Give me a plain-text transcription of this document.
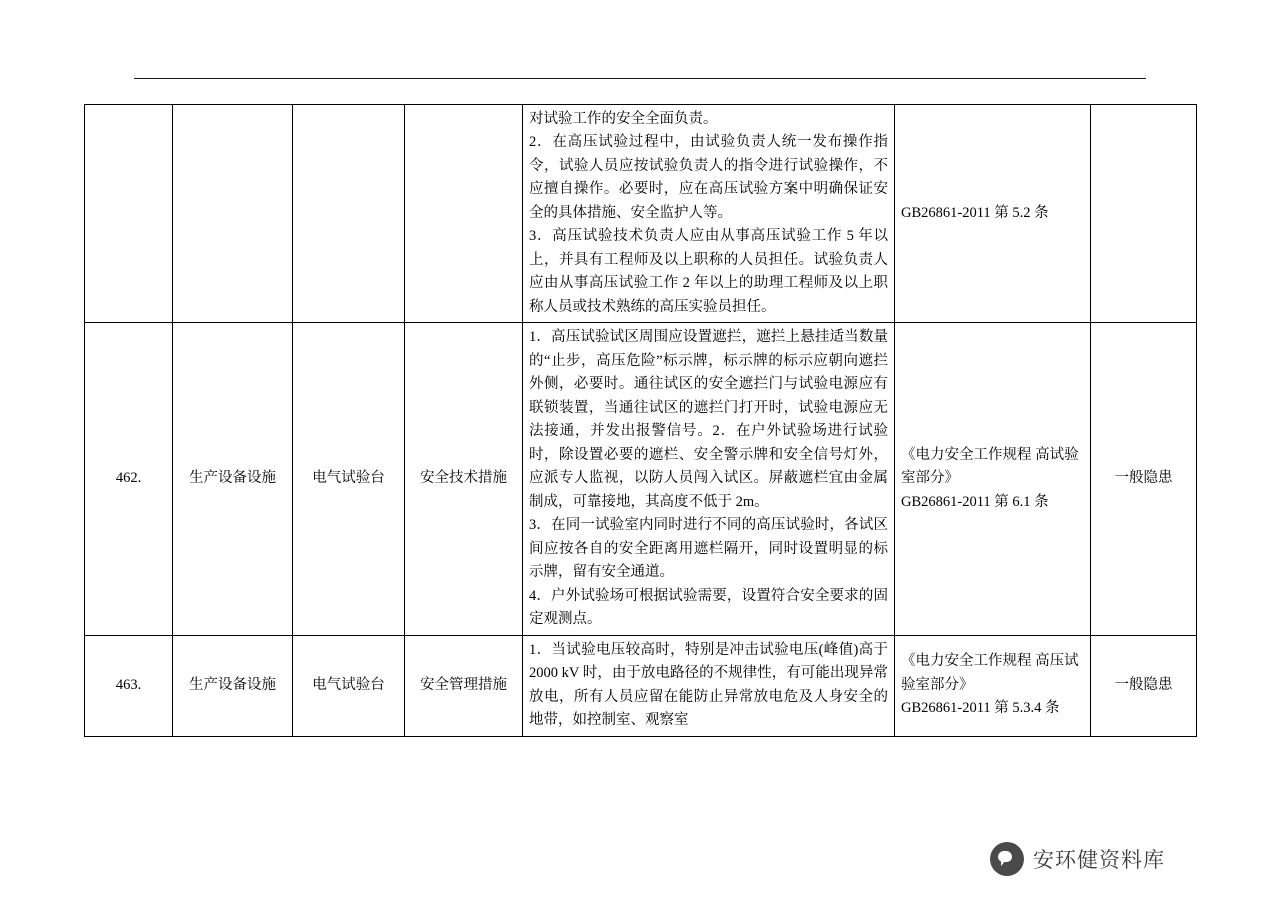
				对试验工作的安全全面负责。
2．在高压试验过程中，由试验负责人统一发布操作指令，试验人员应按试验负责人的指令进行试验操作，不应擅自操作。必要时，应在高压试验方案中明确保证安全的具体措施、安全监护人等。
3．高压试验技术负责人应由从事高压试验工作 5 年以上，并具有工程师及以上职称的人员担任。试验负责人应由从事高压试验工作 2 年以上的助理工程师及以上职称人员或技术熟练的高压实验员担任。	GB26861-2011 第 5.2 条	

462.	生产设备设施	电气试验台	安全技术措施	1．高压试验试区周围应设置遮拦，遮拦上悬挂适当数量的“止步，高压危险”标示牌，标示牌的标示应朝向遮拦外侧，必要时。通往试区的安全遮拦门与试验电源应有联锁装置，当通往试区的遮拦门打开时，试验电源应无法接通，并发出报警信号。2．在户外试验场进行试验时，除设置必要的遮栏、安全警示牌和安全信号灯外，应派专人监视，以防人员闯入试区。屏蔽遮栏宜由金属制成，可靠接地，其高度不低于 2m。
3．在同一试验室内同时进行不同的高压试验时，各试区间应按各自的安全距离用遮栏隔开，同时设置明显的标示牌，留有安全通道。
4．户外试验场可根据试验需要，设置符合安全要求的固定观测点。	《电力安全工作规程 高试验室部分》
GB26861-2011 第 6.1 条	一般隐患
463.	生产设备设施	电气试验台	安全管理措施	1．当试验电压较高时，特别是冲击试验电压(峰值)高于 2000 kV 时，由于放电路径的不规律性，有可能出现异常放电，所有人员应留在能防止异常放电危及人身安全的地带，如控制室、观察室	《电力安全工作规程 高压试验室部分》
GB26861-2011 第 5.3.4 条	一般隐患
安环健资料库
